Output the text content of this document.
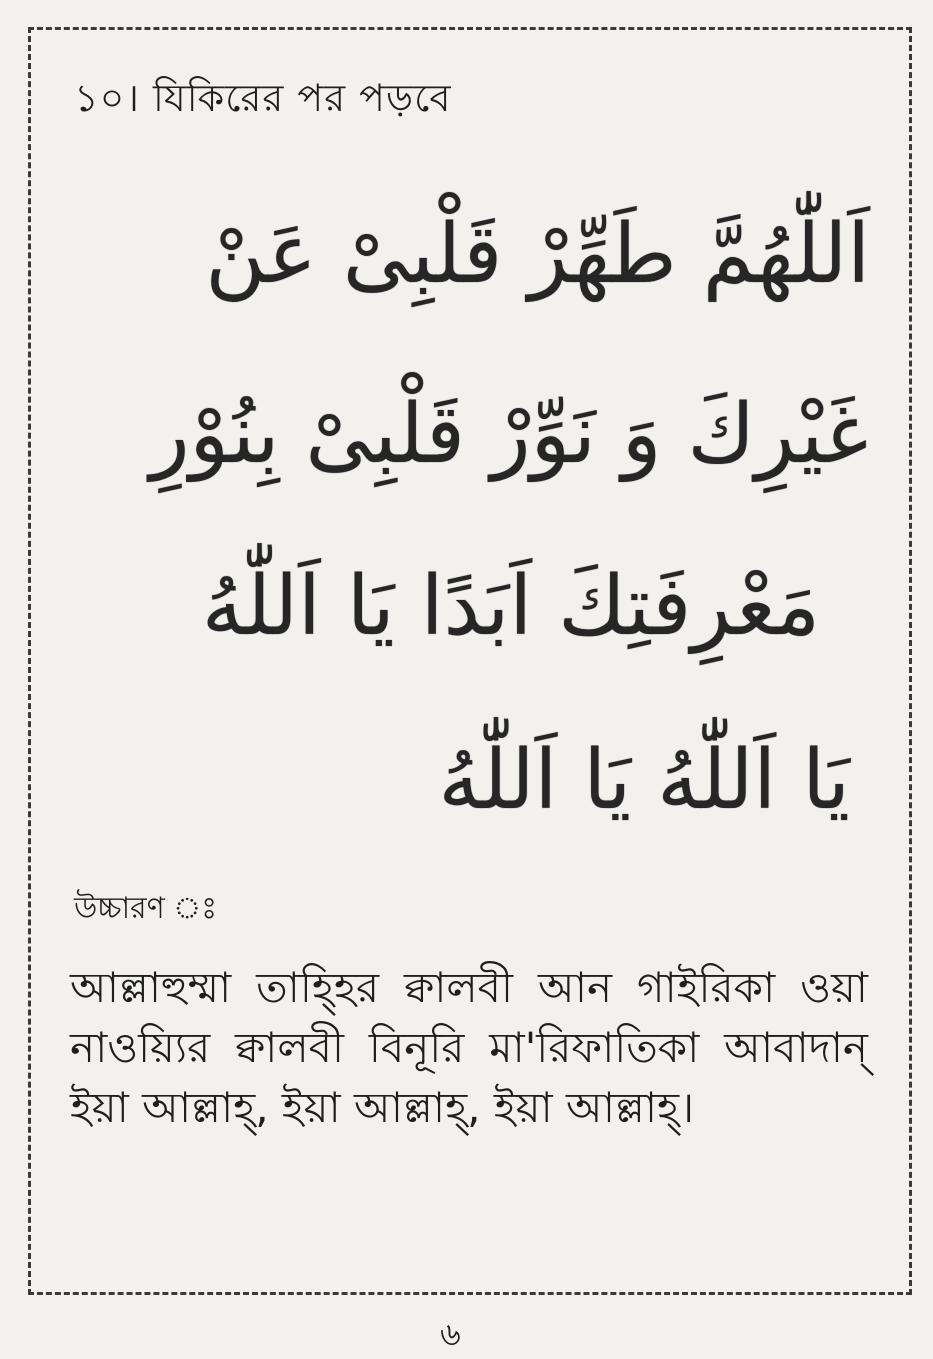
১০। যিকিরের পর পড়বে
اَللّٰهُمَّ طَهِّرْ قَلْبِىْ عَنْ
غَيْرِكَ وَ نَوِّرْ قَلْبِىْ بِنُوْرِ
مَعْرِفَتِكَ اَبَدًا يَا اَللّٰهُ
يَا اَللّٰهُ يَا اَللّٰهُ
উচ্চারণ ঃ
আল্লাহুম্মা তাহ্হির ক্বালবী আন গাইরিকা ওয়া নাওয়্যির ক্বালবী বিনূরি মা'রিফাতিকা আবাদান্ ইয়া আল্লাহ্, ইয়া আল্লাহ্, ইয়া আল্লাহ্।
৬
